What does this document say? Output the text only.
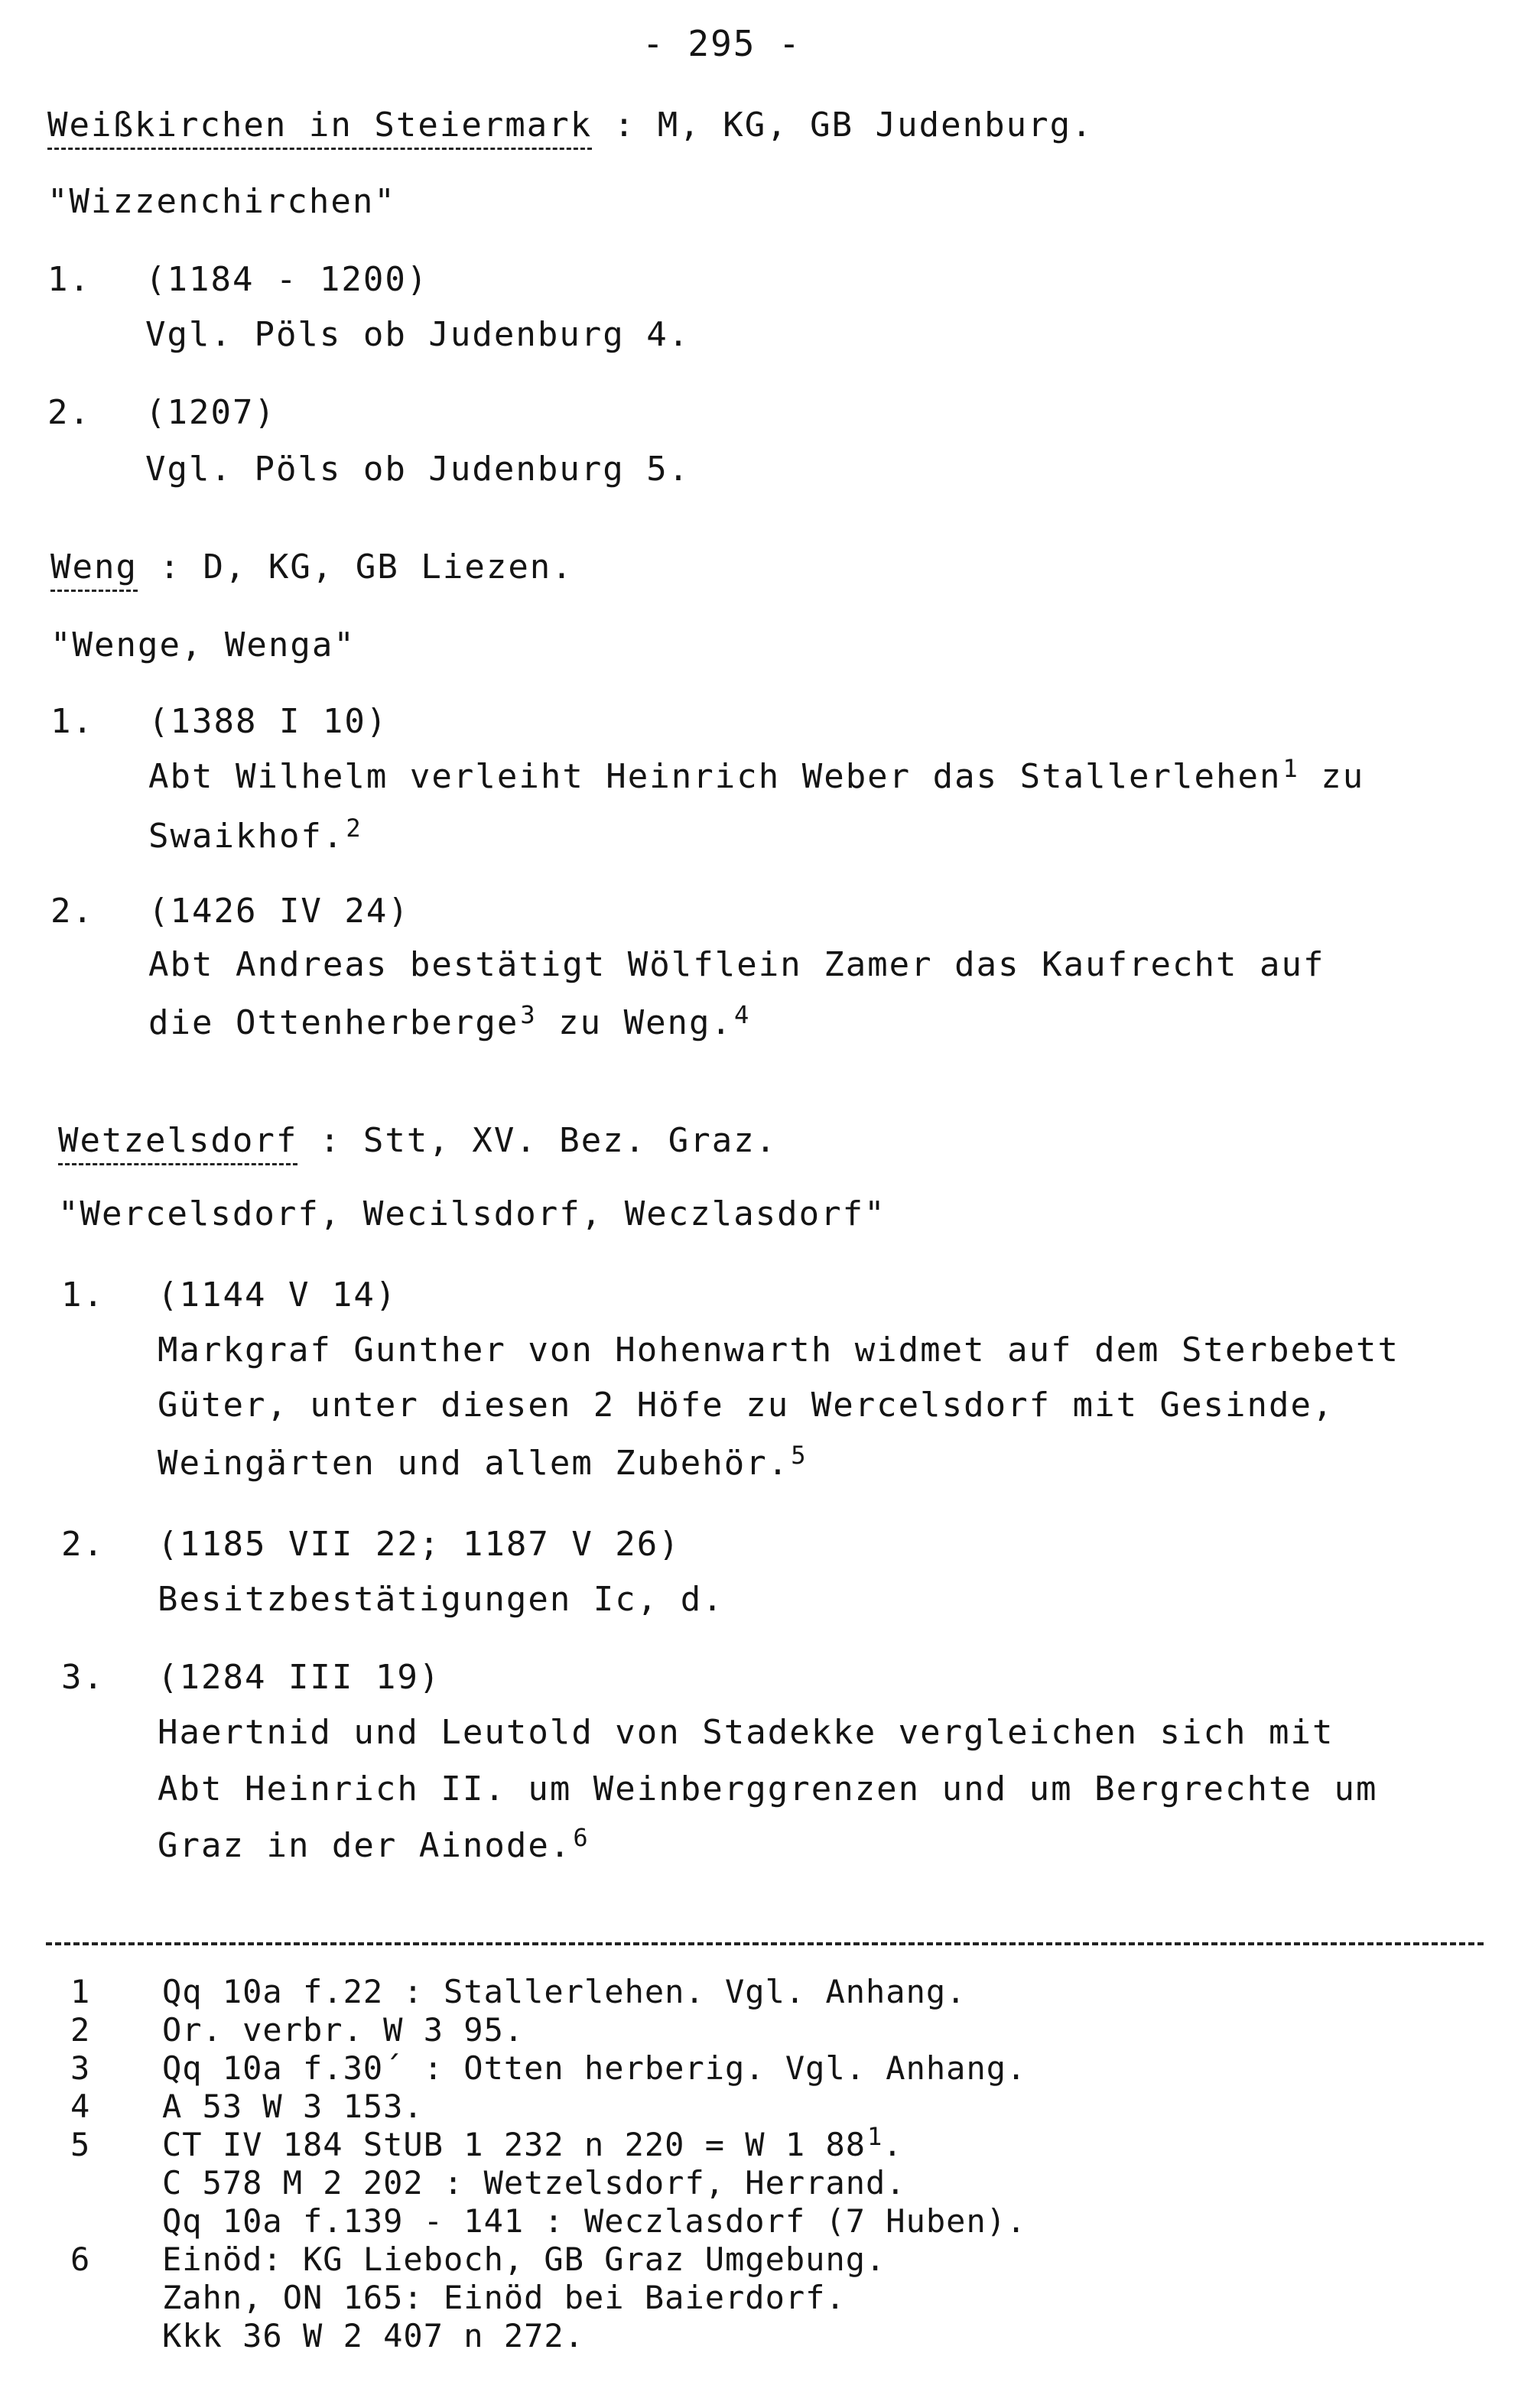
- 295 -
Weißkirchen in Steiermark : M, KG, GB Judenburg.
"Wizzenchirchen"
1. (1184 - 1200)
Vgl. Pöls ob Judenburg 4.
2. (1207)
Vgl. Pöls ob Judenburg 5.
Weng : D, KG, GB Liezen.
"Wenge, Wenga"
1. (1388 I 10)
Abt Wilhelm verleiht Heinrich Weber das Stallerlehen$^1$ zu
Swaikhof.$^2$
2. (1426 IV 24)
Abt Andreas bestätigt Wölflein Zamer das Kaufrecht auf
die Ottenherberge$^3$ zu Weng.$^4$
Wetzelsdorf : Stt, XV. Bez. Graz.
"Wercelsdorf, Wecilsdorf, Weczlasdorf"
1. (1144 V 14)
Markgraf Gunther von Hohenwarth widmet auf dem Sterbebett
Güter, unter diesen 2 Höfe zu Wercelsdorf mit Gesinde,
Weingärten und allem Zubehör.$^5$
2. (1185 VII 22; 1187 V 26)
Besitzbestätigungen Ic, d.
3. (1284 III 19)
Haertnid und Leutold von Stadekke vergleichen sich mit
Abt Heinrich II. um Weinberggrenzen und um Bergrechte um
Graz in der Ainode.$^6$
1 Qq 10a f.22 : Stallerlehen. Vgl. Anhang.
2 Or. verbr. W 3 95.
3 Qq 10a f.30´ : Otten herberig. Vgl. Anhang.
4 A 53 W 3 153.
5 CT IV 184 StUB 1 232 n 220 = W 1 $88^1$.
C 578 M 2 202 : Wetzelsdorf, Herrand.
Qq 10a f.139 - 141 : Weczlasdorf (7 Huben).
6 Einöd: KG Lieboch, GB Graz Umgebung.
Zahn, ON 165: Einöd bei Baierdorf.
Kkk 36 W 2 407 n 272.
